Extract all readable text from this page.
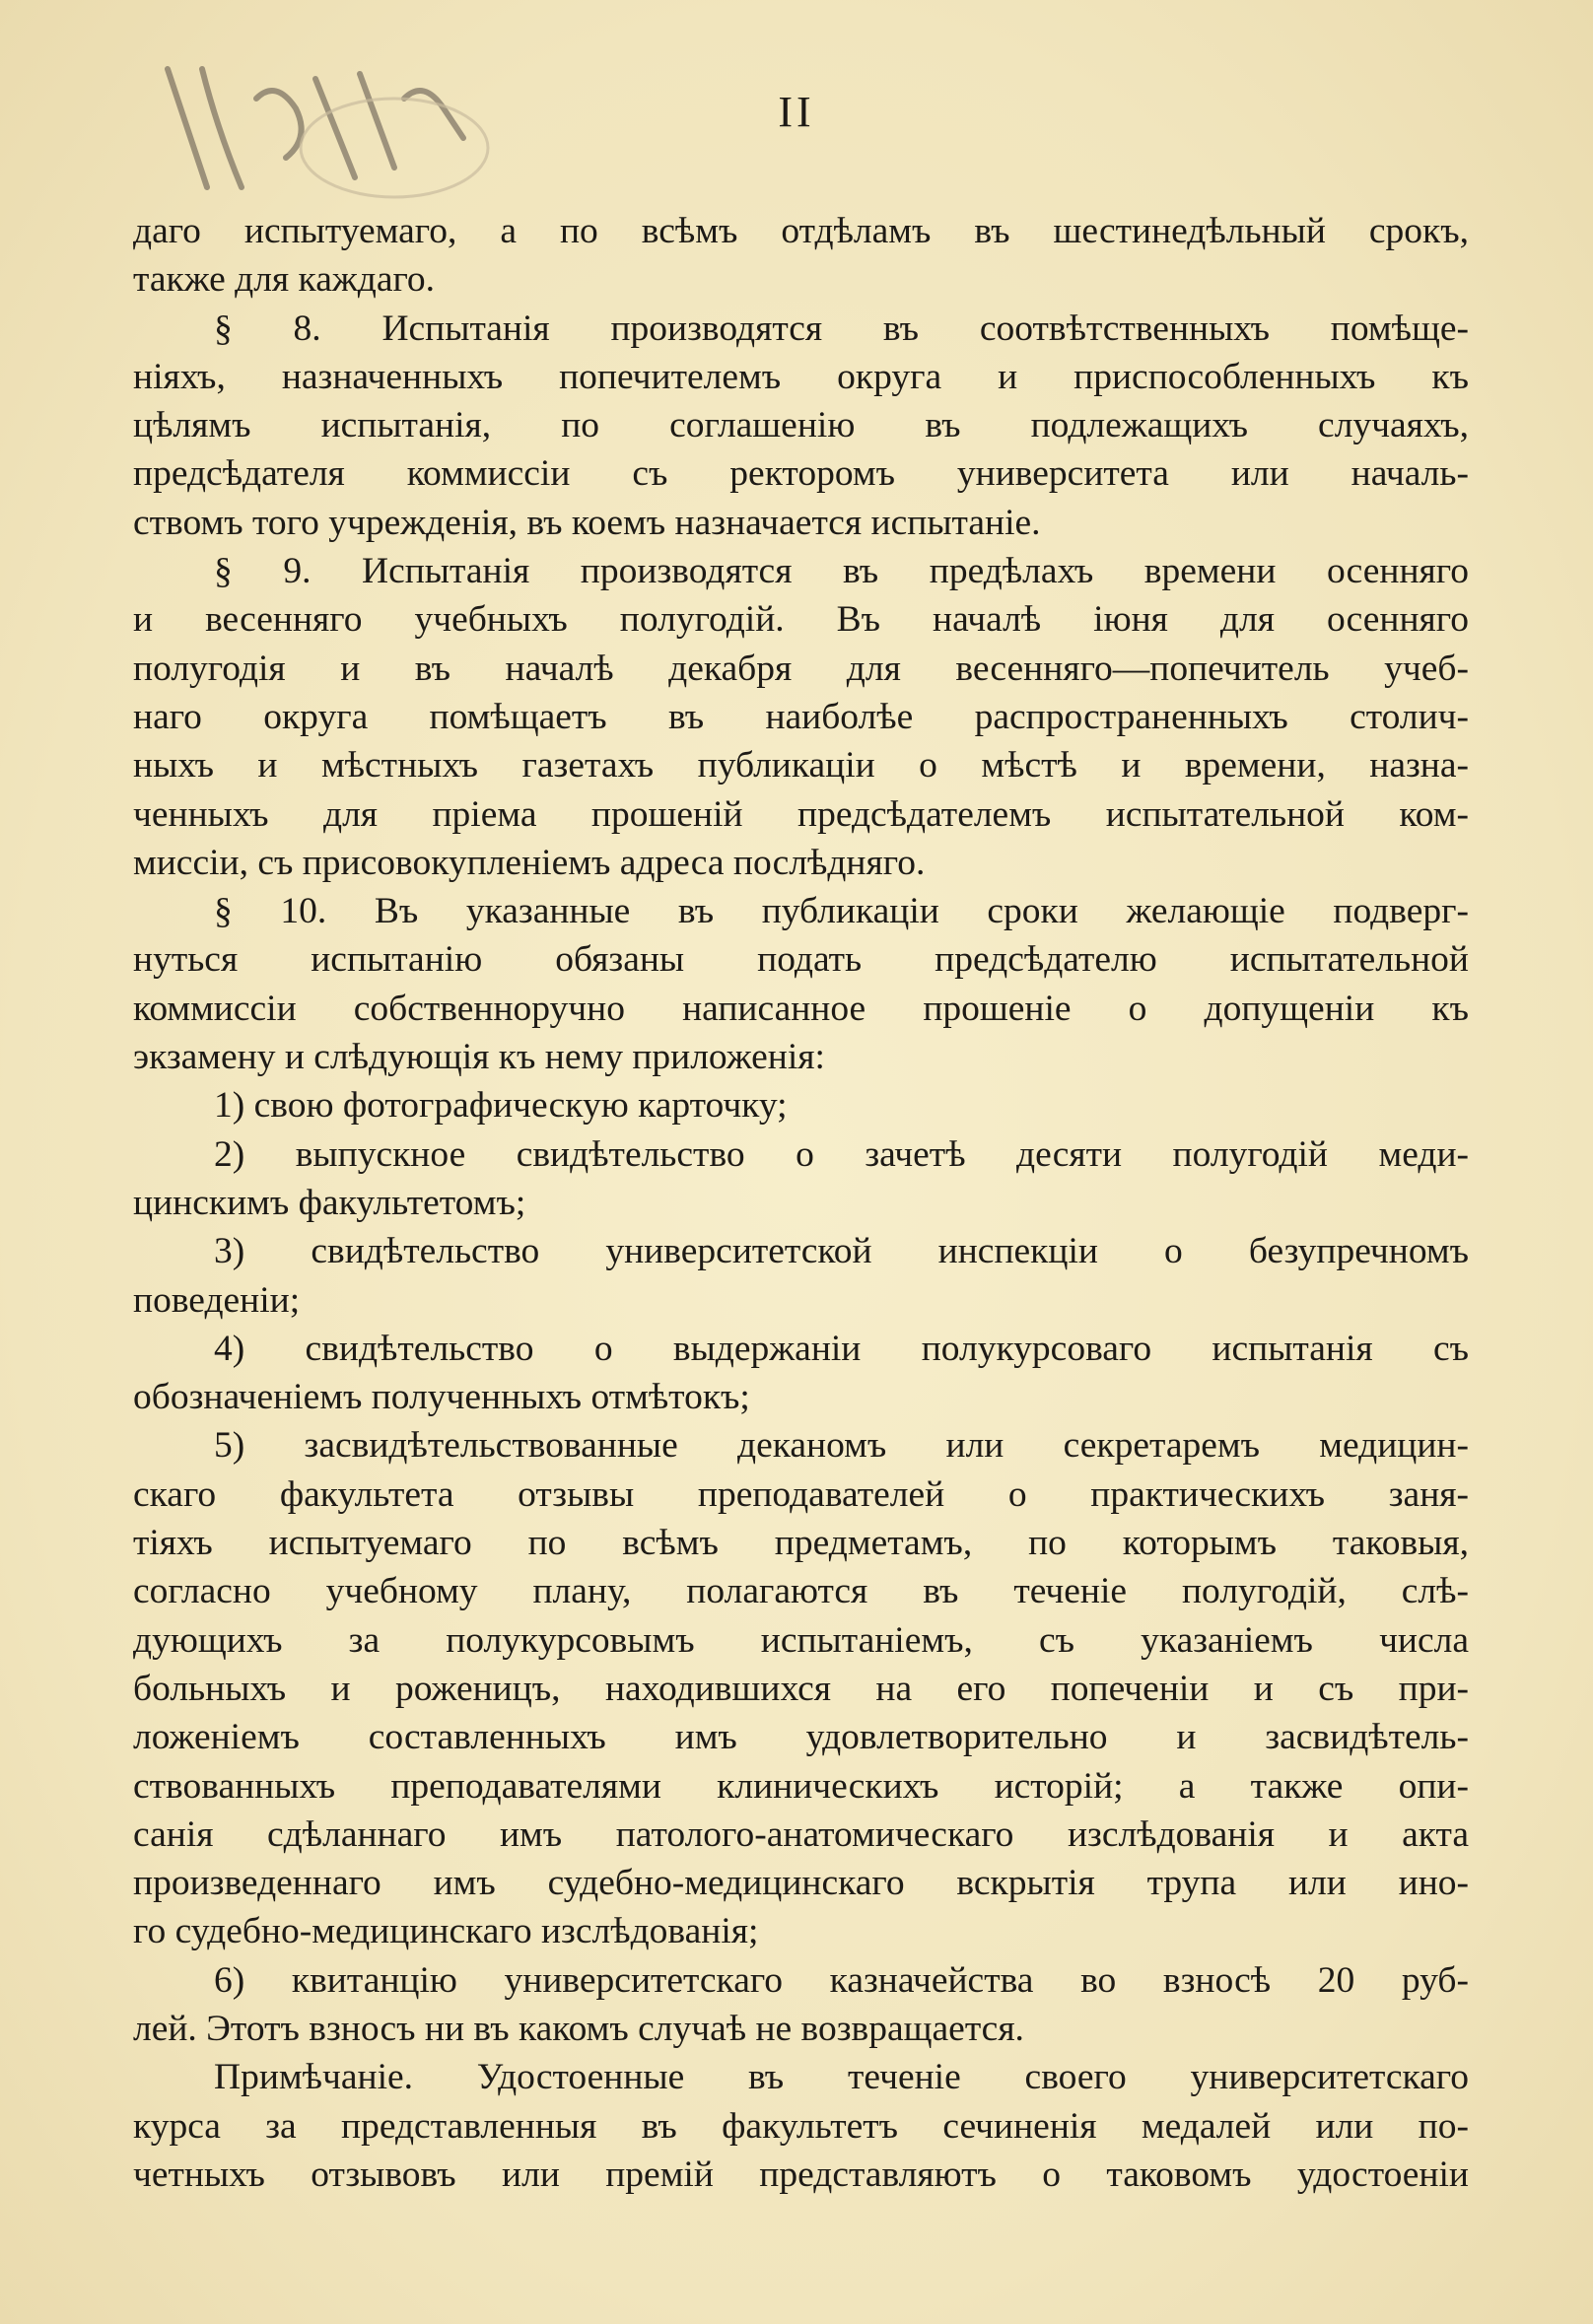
II
даго испытуемаго, а по всѣмъ отдѣламъ въ шестинедѣльный срокъ,
также для каждаго.
§ 8. Испытанія производятся въ соотвѣтственныхъ помѣще-
ніяхъ, назначенныхъ попечителемъ округа и приспособленныхъ къ
цѣлямъ испытанія, по соглашенію въ подлежащихъ случаяхъ,
предсѣдателя коммиссіи съ ректоромъ университета или началь-
ствомъ того учрежденія, въ коемъ назначается испытаніе.
§ 9. Испытанія производятся въ предѣлахъ времени осенняго
и весенняго учебныхъ полугодій. Въ началѣ іюня для осенняго
полугодія и въ началѣ декабря для весенняго—попечитель учеб-
наго округа помѣщаетъ въ наиболѣе распространенныхъ столич-
ныхъ и мѣстныхъ газетахъ публикаціи о мѣстѣ и времени, назна-
ченныхъ для пріема прошеній предсѣдателемъ испытательной ком-
миссіи, съ присовокупленіемъ адреса послѣдняго.
§ 10. Въ указанные въ публикаціи сроки желающіе подверг-
нуться испытанію обязаны подать предсѣдателю испытательной
коммиссіи собственноручно написанное прошеніе о допущеніи къ
экзамену и слѣдующія къ нему приложенія:
1) свою фотографическую карточку;
2) выпускное свидѣтельство о зачетѣ десяти полугодій меди-
цинскимъ факультетомъ;
3) свидѣтельство университетской инспекціи о безупречномъ
поведеніи;
4) свидѣтельство о выдержаніи полукурсоваго испытанія съ
обозначеніемъ полученныхъ отмѣтокъ;
5) засвидѣтельствованные деканомъ или секретаремъ медицин-
скаго факультета отзывы преподавателей о практическихъ заня-
тіяхъ испытуемаго по всѣмъ предметамъ, по которымъ таковыя,
согласно учебному плану, полагаются въ теченіе полугодій, слѣ-
дующихъ за полукурсовымъ испытаніемъ, съ указаніемъ числа
больныхъ и роженицъ, находившихся на его попеченіи и съ при-
ложеніемъ составленныхъ имъ удовлетворительно и засвидѣтель-
ствованныхъ преподавателями клиническихъ исторій; а также опи-
санія сдѣланнаго имъ патолого-анатомическаго изслѣдованія и акта
произведеннаго имъ судебно-медицинскаго вскрытія трупа или ино-
го судебно-медицинскаго изслѣдованія;
6) квитанцію университетскаго казначейства во взносѣ 20 руб-
лей. Этотъ взносъ ни въ какомъ случаѣ не возвращается.
Примѣчаніе. Удостоенные въ теченіе своего университетскаго
курса за представленныя въ факультетъ сечиненія медалей или по-
четныхъ отзывовъ или премій представляютъ о таковомъ удостоеніи
